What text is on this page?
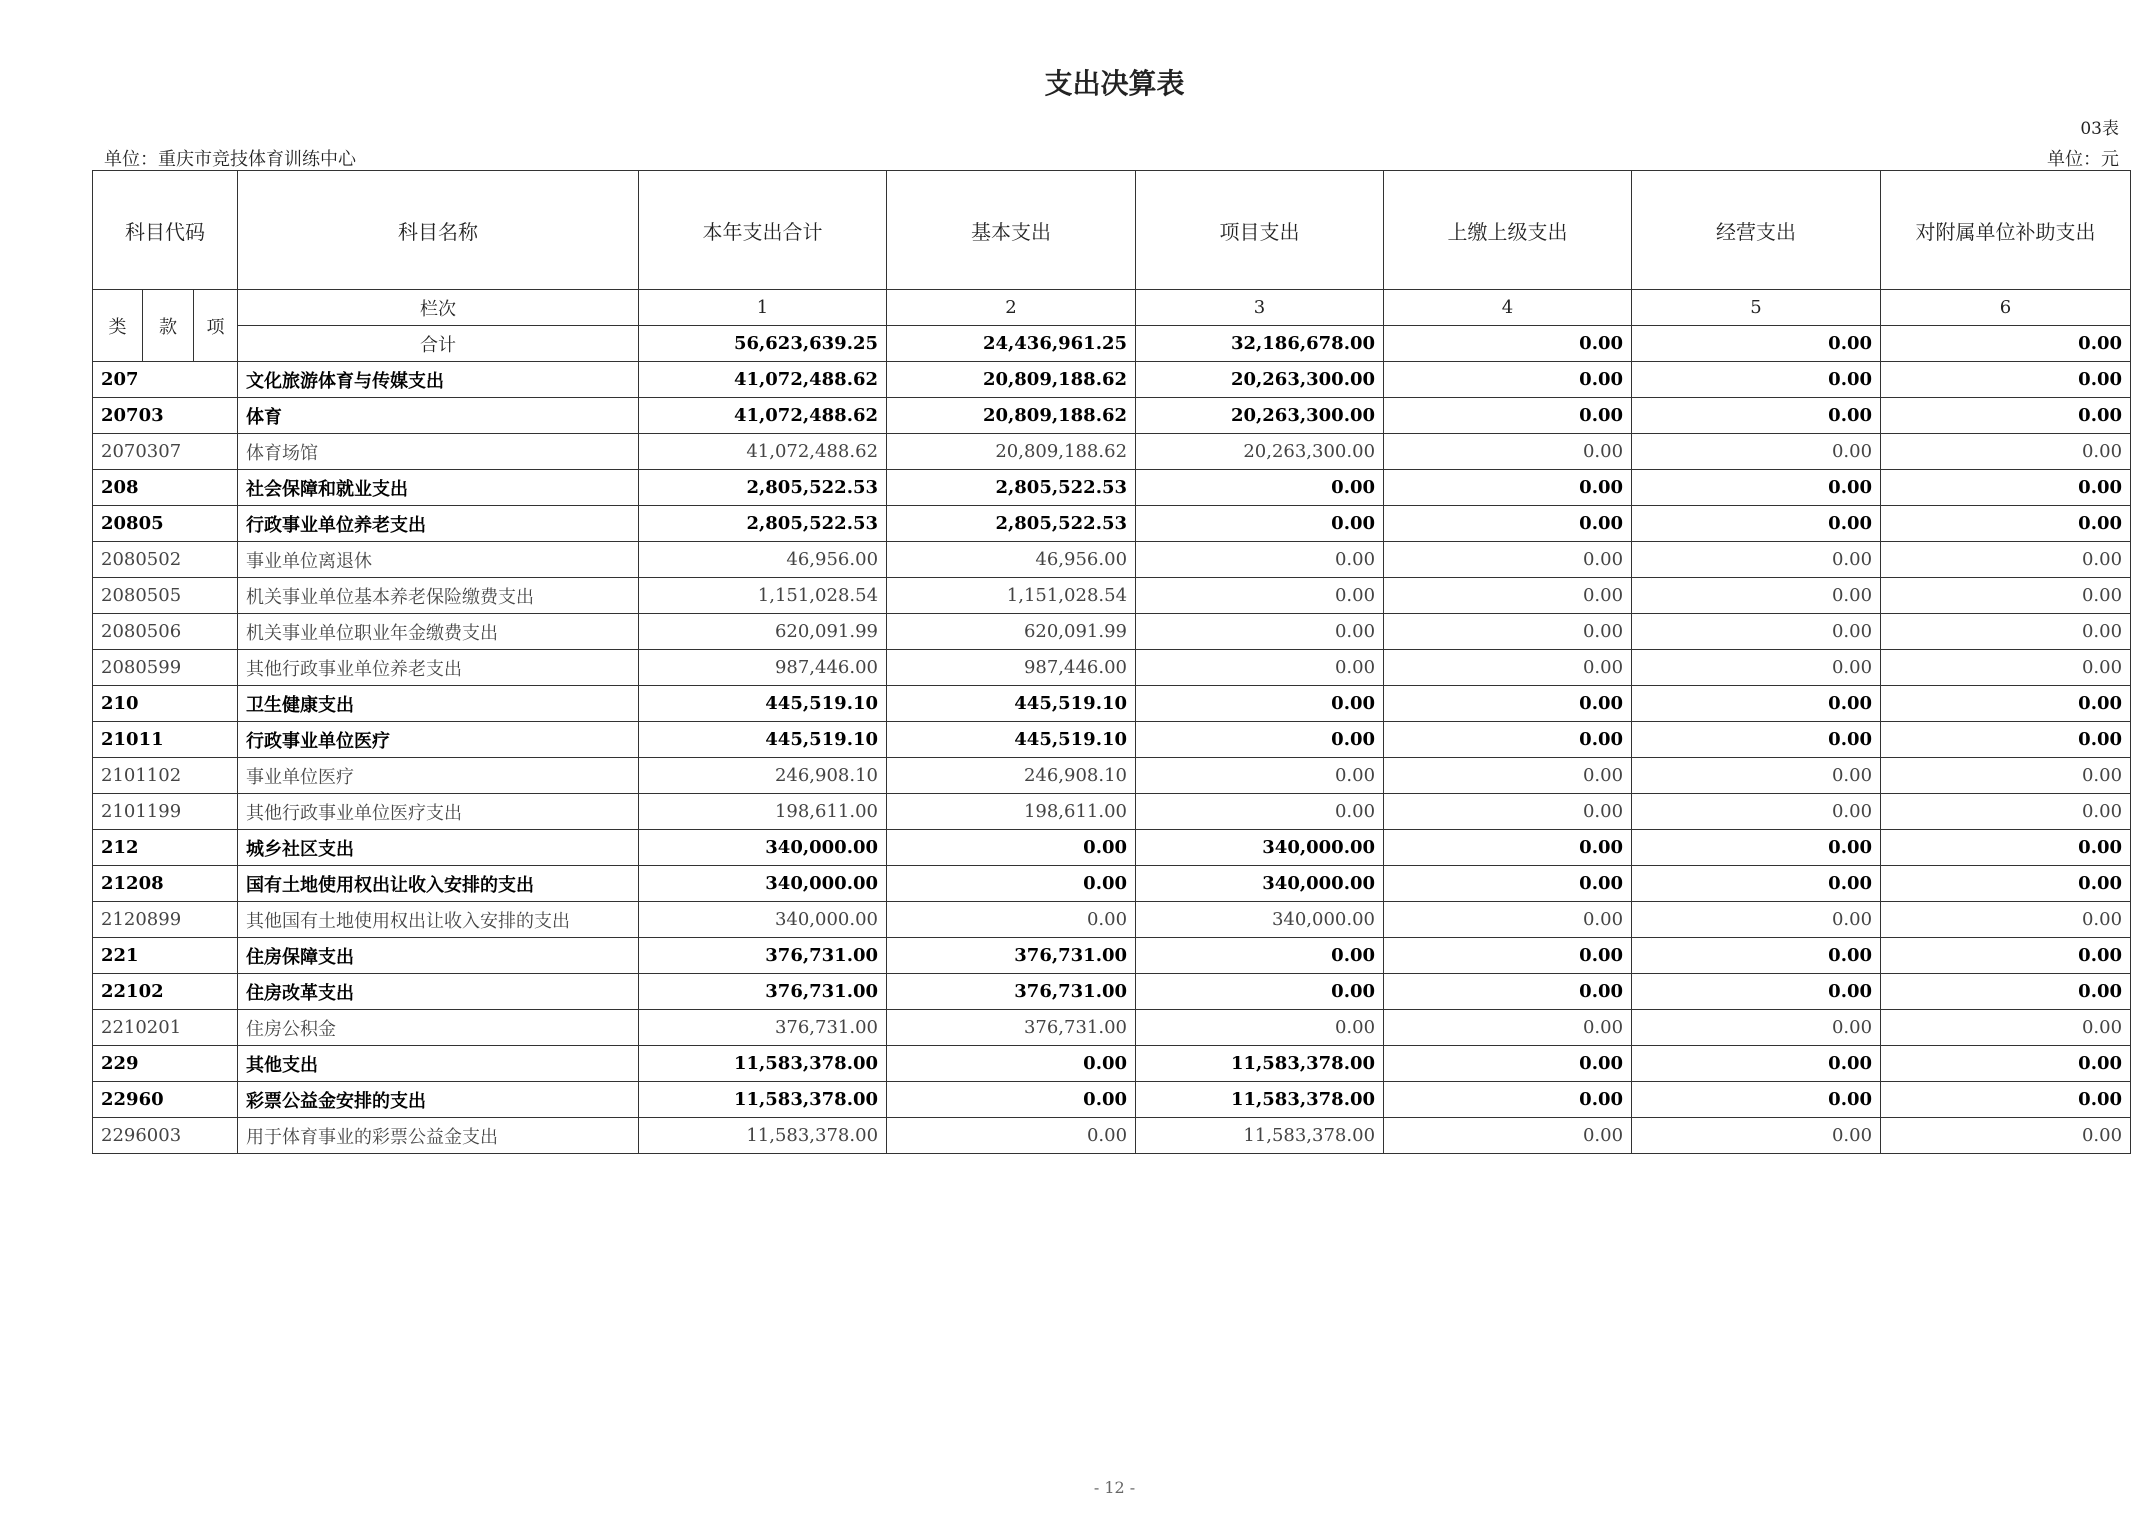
支出决算表
03表
单位：重庆市竞技体育训练中心	单位：元
科目代码			科目名称	本年支出合计	基本支出	项目支出	上缴上级支出	经营支出	对附属单位补助支出
类	款	项	栏次	1	2	3	4	5	6
			合计	56,623,639.25	24,436,961.25	32,186,678.00	0.00	0.00	0.00
207			文化旅游体育与传媒支出	41,072,488.62	20,809,188.62	20,263,300.00	0.00	0.00	0.00
20703			体育	41,072,488.62	20,809,188.62	20,263,300.00	0.00	0.00	0.00
2070307			体育场馆	41,072,488.62	20,809,188.62	20,263,300.00	0.00	0.00	0.00
208			社会保障和就业支出	2,805,522.53	2,805,522.53	0.00	0.00	0.00	0.00
20805			行政事业单位养老支出	2,805,522.53	2,805,522.53	0.00	0.00	0.00	0.00
2080502			事业单位离退休	46,956.00	46,956.00	0.00	0.00	0.00	0.00
2080505			机关事业单位基本养老保险缴费支出	1,151,028.54	1,151,028.54	0.00	0.00	0.00	0.00
2080506			机关事业单位职业年金缴费支出	620,091.99	620,091.99	0.00	0.00	0.00	0.00
2080599			其他行政事业单位养老支出	987,446.00	987,446.00	0.00	0.00	0.00	0.00
210			卫生健康支出	445,519.10	445,519.10	0.00	0.00	0.00	0.00
21011			行政事业单位医疗	445,519.10	445,519.10	0.00	0.00	0.00	0.00
2101102			事业单位医疗	246,908.10	246,908.10	0.00	0.00	0.00	0.00
2101199			其他行政事业单位医疗支出	198,611.00	198,611.00	0.00	0.00	0.00	0.00
212			城乡社区支出	340,000.00	0.00	340,000.00	0.00	0.00	0.00
21208			国有土地使用权出让收入安排的支出	340,000.00	0.00	340,000.00	0.00	0.00	0.00
2120899			其他国有土地使用权出让收入安排的支出	340,000.00	0.00	340,000.00	0.00	0.00	0.00
221			住房保障支出	376,731.00	376,731.00	0.00	0.00	0.00	0.00
22102			住房改革支出	376,731.00	376,731.00	0.00	0.00	0.00	0.00
2210201			住房公积金	376,731.00	376,731.00	0.00	0.00	0.00	0.00
229			其他支出	11,583,378.00	0.00	11,583,378.00	0.00	0.00	0.00
22960			彩票公益金安排的支出	11,583,378.00	0.00	11,583,378.00	0.00	0.00	0.00
2296003			用于体育事业的彩票公益金支出	11,583,378.00	0.00	11,583,378.00	0.00	0.00	0.00
- 12 -
